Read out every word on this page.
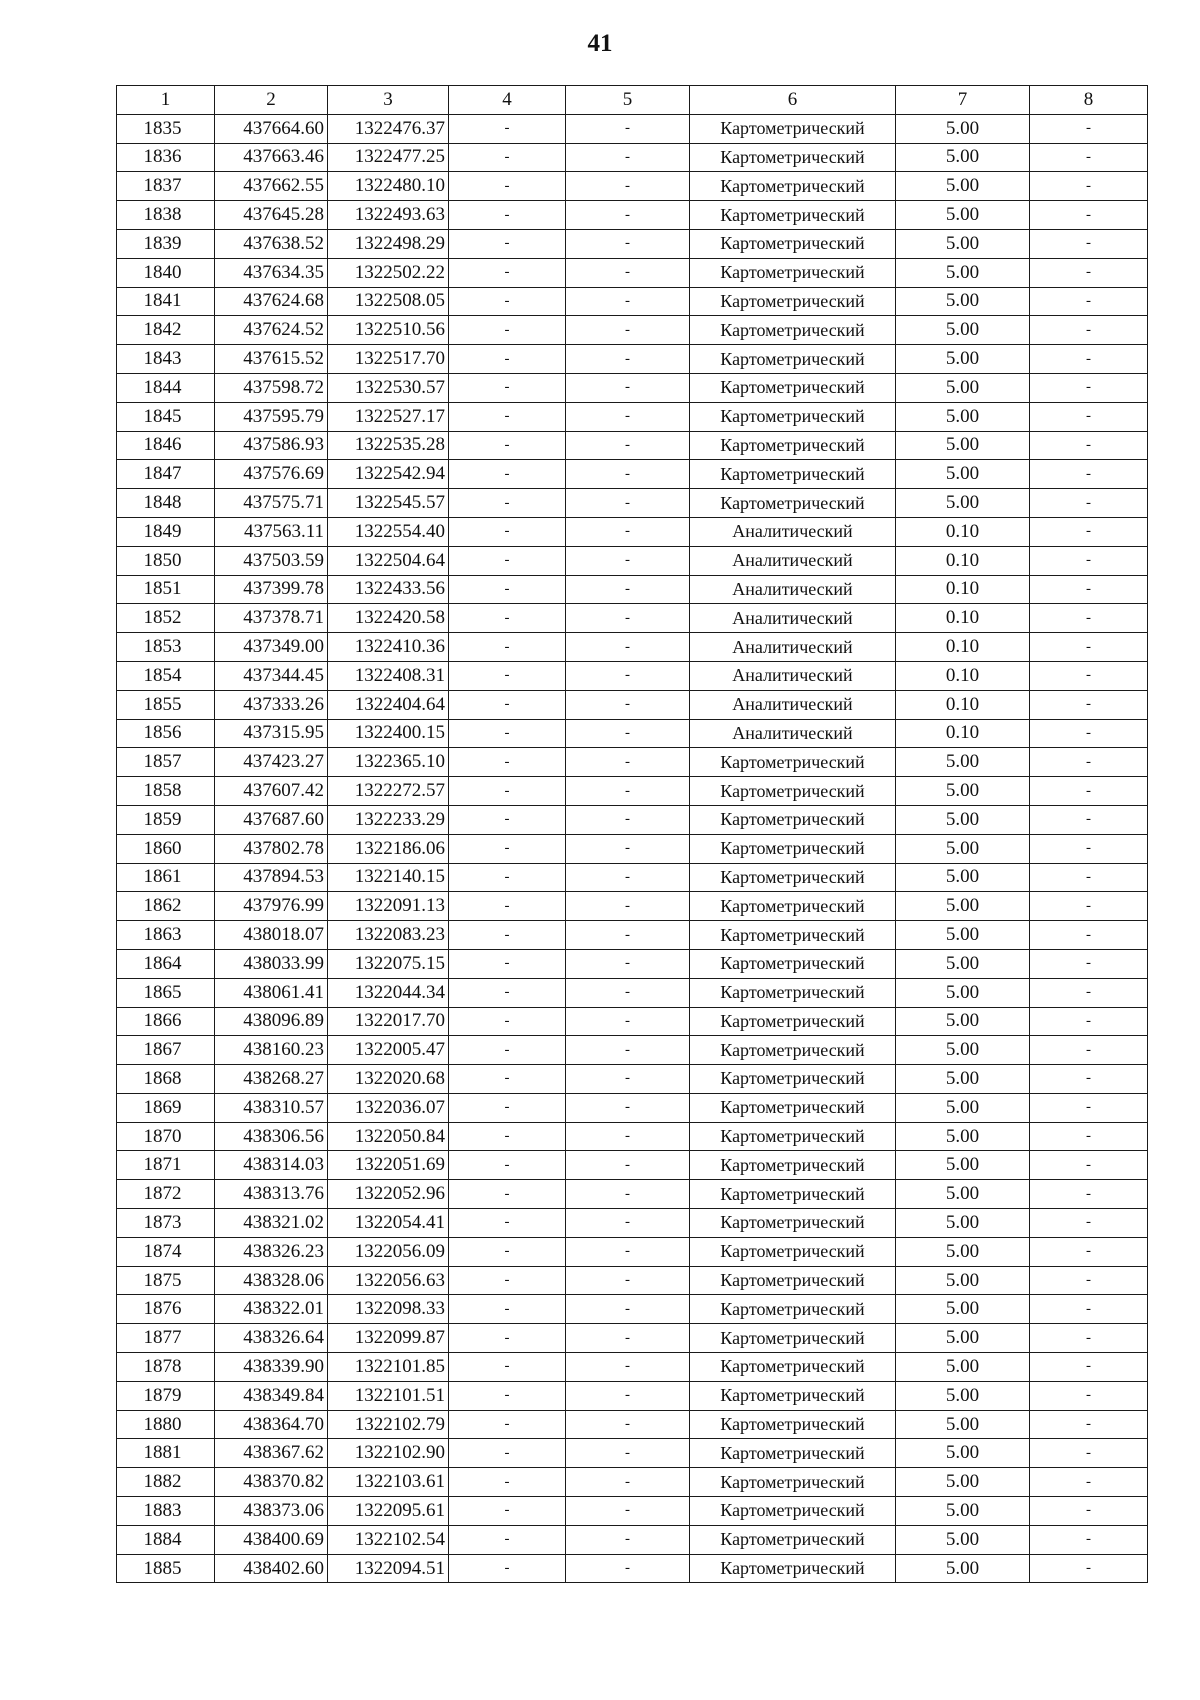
41
1	2	3	4	5	6	7	8
1835	437664.60	1322476.37	-	-	Картометрический	5.00	-
1836	437663.46	1322477.25	-	-	Картометрический	5.00	-
1837	437662.55	1322480.10	-	-	Картометрический	5.00	-
1838	437645.28	1322493.63	-	-	Картометрический	5.00	-
1839	437638.52	1322498.29	-	-	Картометрический	5.00	-
1840	437634.35	1322502.22	-	-	Картометрический	5.00	-
1841	437624.68	1322508.05	-	-	Картометрический	5.00	-
1842	437624.52	1322510.56	-	-	Картометрический	5.00	-
1843	437615.52	1322517.70	-	-	Картометрический	5.00	-
1844	437598.72	1322530.57	-	-	Картометрический	5.00	-
1845	437595.79	1322527.17	-	-	Картометрический	5.00	-
1846	437586.93	1322535.28	-	-	Картометрический	5.00	-
1847	437576.69	1322542.94	-	-	Картометрический	5.00	-
1848	437575.71	1322545.57	-	-	Картометрический	5.00	-
1849	437563.11	1322554.40	-	-	Аналитический	0.10	-
1850	437503.59	1322504.64	-	-	Аналитический	0.10	-
1851	437399.78	1322433.56	-	-	Аналитический	0.10	-
1852	437378.71	1322420.58	-	-	Аналитический	0.10	-
1853	437349.00	1322410.36	-	-	Аналитический	0.10	-
1854	437344.45	1322408.31	-	-	Аналитический	0.10	-
1855	437333.26	1322404.64	-	-	Аналитический	0.10	-
1856	437315.95	1322400.15	-	-	Аналитический	0.10	-
1857	437423.27	1322365.10	-	-	Картометрический	5.00	-
1858	437607.42	1322272.57	-	-	Картометрический	5.00	-
1859	437687.60	1322233.29	-	-	Картометрический	5.00	-
1860	437802.78	1322186.06	-	-	Картометрический	5.00	-
1861	437894.53	1322140.15	-	-	Картометрический	5.00	-
1862	437976.99	1322091.13	-	-	Картометрический	5.00	-
1863	438018.07	1322083.23	-	-	Картометрический	5.00	-
1864	438033.99	1322075.15	-	-	Картометрический	5.00	-
1865	438061.41	1322044.34	-	-	Картометрический	5.00	-
1866	438096.89	1322017.70	-	-	Картометрический	5.00	-
1867	438160.23	1322005.47	-	-	Картометрический	5.00	-
1868	438268.27	1322020.68	-	-	Картометрический	5.00	-
1869	438310.57	1322036.07	-	-	Картометрический	5.00	-
1870	438306.56	1322050.84	-	-	Картометрический	5.00	-
1871	438314.03	1322051.69	-	-	Картометрический	5.00	-
1872	438313.76	1322052.96	-	-	Картометрический	5.00	-
1873	438321.02	1322054.41	-	-	Картометрический	5.00	-
1874	438326.23	1322056.09	-	-	Картометрический	5.00	-
1875	438328.06	1322056.63	-	-	Картометрический	5.00	-
1876	438322.01	1322098.33	-	-	Картометрический	5.00	-
1877	438326.64	1322099.87	-	-	Картометрический	5.00	-
1878	438339.90	1322101.85	-	-	Картометрический	5.00	-
1879	438349.84	1322101.51	-	-	Картометрический	5.00	-
1880	438364.70	1322102.79	-	-	Картометрический	5.00	-
1881	438367.62	1322102.90	-	-	Картометрический	5.00	-
1882	438370.82	1322103.61	-	-	Картометрический	5.00	-
1883	438373.06	1322095.61	-	-	Картометрический	5.00	-
1884	438400.69	1322102.54	-	-	Картометрический	5.00	-
1885	438402.60	1322094.51	-	-	Картометрический	5.00	-
